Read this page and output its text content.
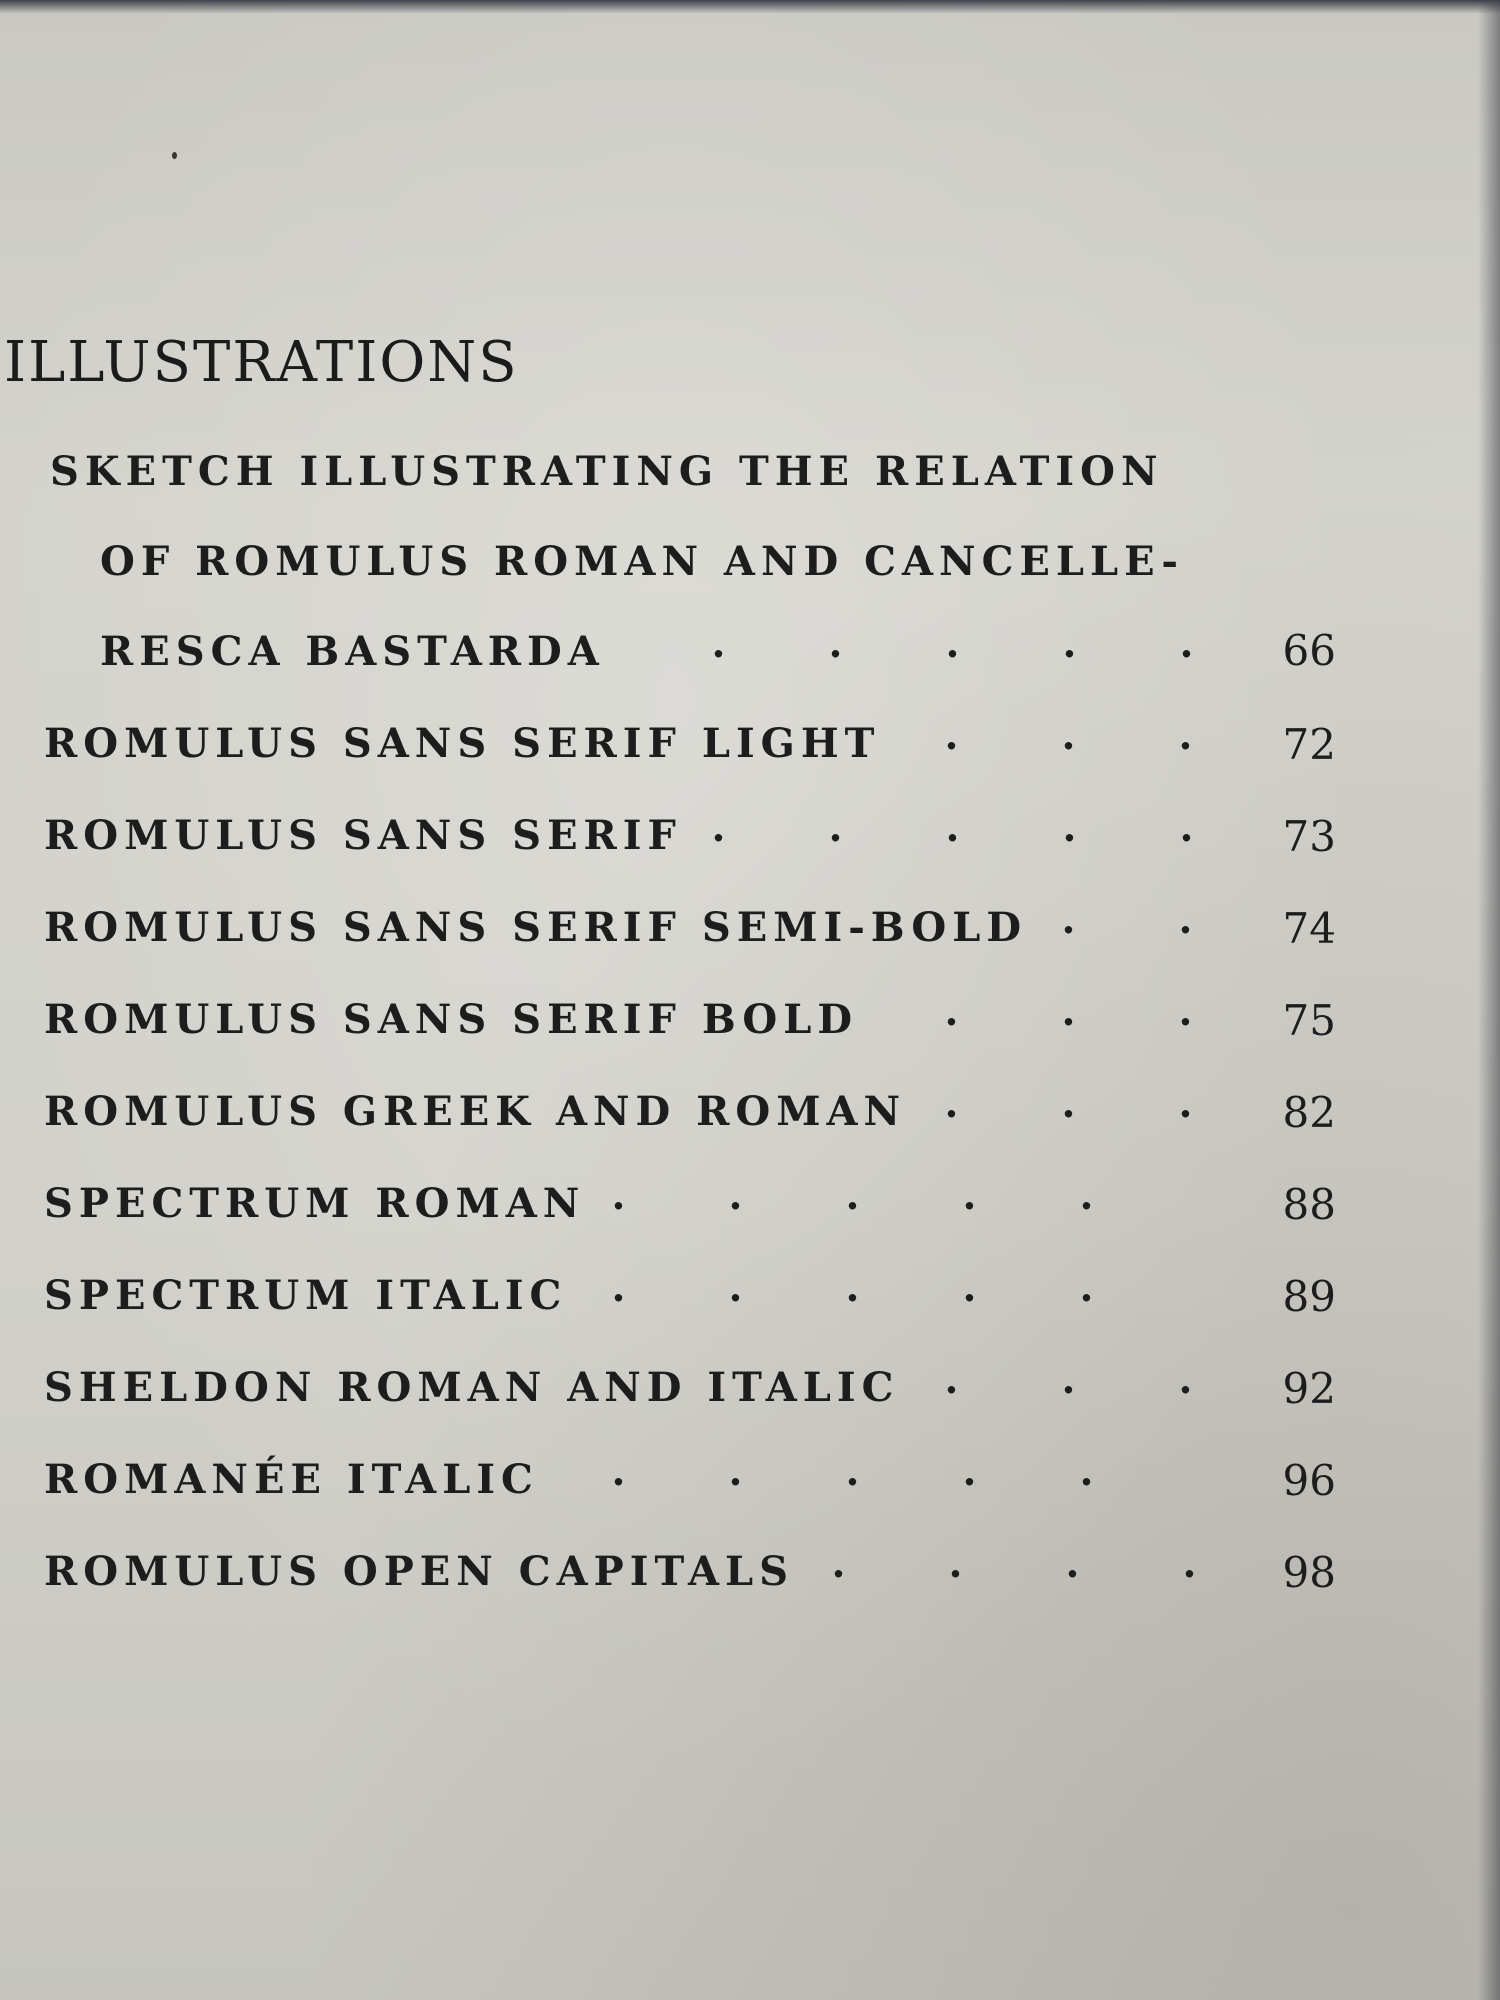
ILLUSTRATIONS
SKETCH ILLUSTRATING THE RELATION
OF ROMULUS ROMAN AND CANCELLE-
RESCA BASTARDA	.	.	.	.	.	66
ROMULUS SANS SERIF LIGHT	.	.	.	72
ROMULUS SANS SERIF .	.	.	.	.	73
ROMULUS SANS SERIF SEMI-BOLD .	.	74
ROMULUS SANS SERIF BOLD	.	.	.	75
ROMULUS GREEK AND ROMAN .	.	.	82
SPECTRUM ROMAN .	.	.	.	.	88
SPECTRUM ITALIC	.	.	.	.	.	89
SHELDON ROMAN AND ITALIC	.	.	.	92
ROMANÉE ITALIC	.	.	.	.	.	96
ROMULUS OPEN CAPITALS .	.	.	.	98
